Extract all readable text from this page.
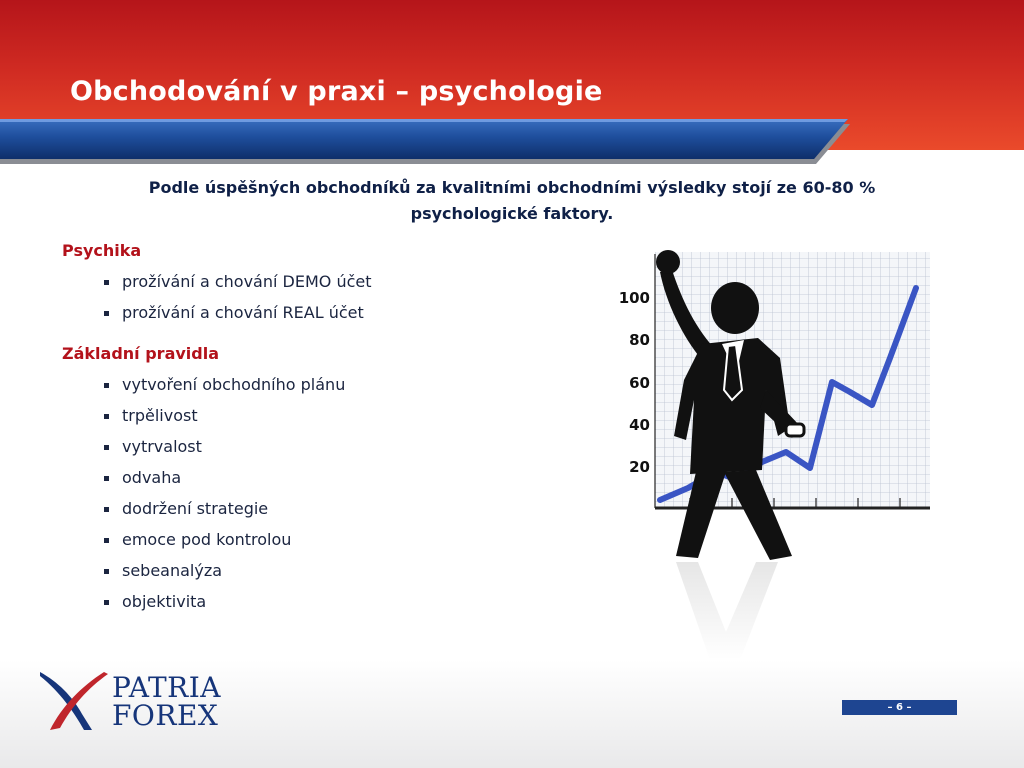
Obchodování v praxi – psychologie
Podle úspěšných obchodníků za kvalitními obchodními výsledky stojí ze 60-80 % psychologické faktory.
Psychika
prožívání a chování DEMO účet
prožívání a chování REAL účet
Základní pravidla
vytvoření obchodního plánu
trpělivost
vytrvalost
odvaha
dodržení strategie
emoce pod kontrolou
sebeanalýza
objektivita
100
80
60
40
20
PATRIA
FOREX	– 6 –
